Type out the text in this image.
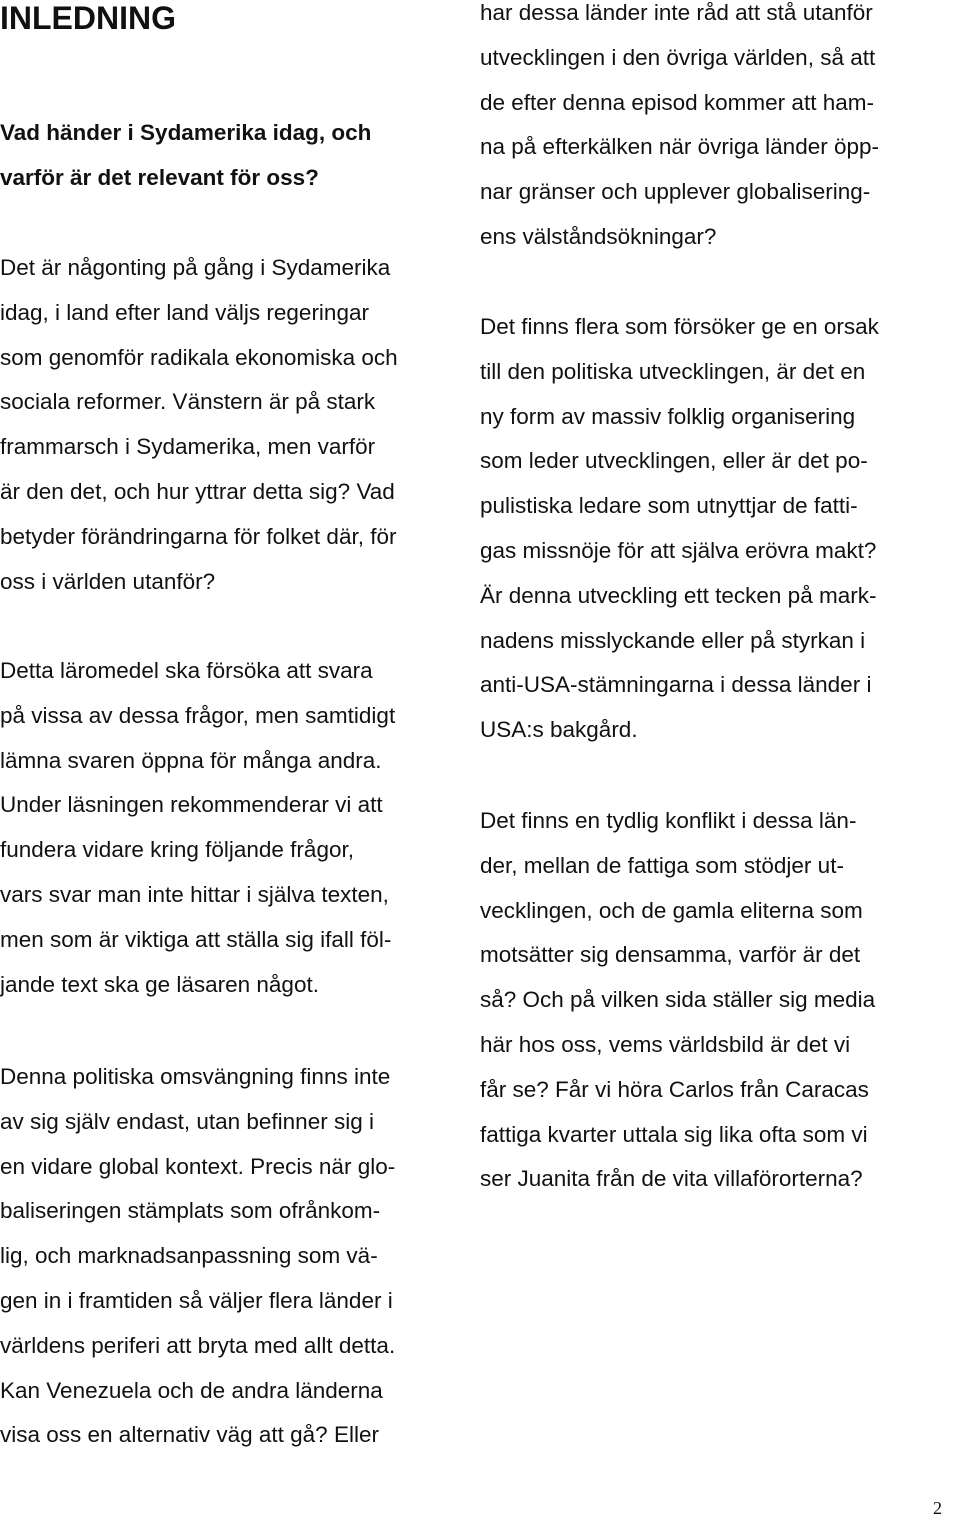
INLEDNING
Vad händer i Sydamerika idag, och
varför är det relevant för oss?
Det är någonting på gång i Sydamerika
idag, i land efter land väljs regeringar
som genomför radikala ekonomiska och
sociala reformer. Vänstern är på stark
frammarsch i Sydamerika, men varför
är den det, och hur yttrar detta sig? Vad
betyder förändringarna för folket där, för
oss i världen utanför?
Detta läromedel ska försöka att svara
på vissa av dessa frågor, men samtidigt
lämna svaren öppna för många andra.
Under läsningen rekommenderar vi att
fundera vidare kring följande frågor,
vars svar man inte hittar i själva texten,
men som är viktiga att ställa sig ifall föl-
jande text ska ge läsaren något.
Denna politiska omsvängning finns inte
av sig själv endast, utan befinner sig i
en vidare global kontext. Precis när glo-
baliseringen stämplats som ofrånkom-
lig, och marknadsanpassning som vä-
gen in i framtiden så väljer flera länder i
världens periferi att bryta med allt detta.
Kan Venezuela och de andra länderna
visa oss en alternativ väg att gå? Eller
har dessa länder inte råd att stå utanför
utvecklingen i den övriga världen, så att
de efter denna episod kommer att ham-
na på efterkälken när övriga länder öpp-
nar gränser och upplever globalisering-
ens välståndsökningar?
Det finns flera som försöker ge en orsak
till den politiska utvecklingen, är det en
ny form av massiv folklig organisering
som leder utvecklingen, eller är det po-
pulistiska ledare som utnyttjar de fatti-
gas missnöje för att själva erövra makt?
Är denna utveckling ett tecken på mark-
nadens misslyckande eller på styrkan i
anti-USA-stämningarna i dessa länder i
USA:s bakgård.
Det finns en tydlig konflikt i dessa län-
der, mellan de fattiga som stödjer ut-
vecklingen, och de gamla eliterna som
motsätter sig densamma, varför är det
så? Och på vilken sida ställer sig media
här hos oss, vems världsbild är det vi
får se? Får vi höra Carlos från Caracas
fattiga kvarter uttala sig lika ofta som vi
ser Juanita från de vita villaförorterna?
2
